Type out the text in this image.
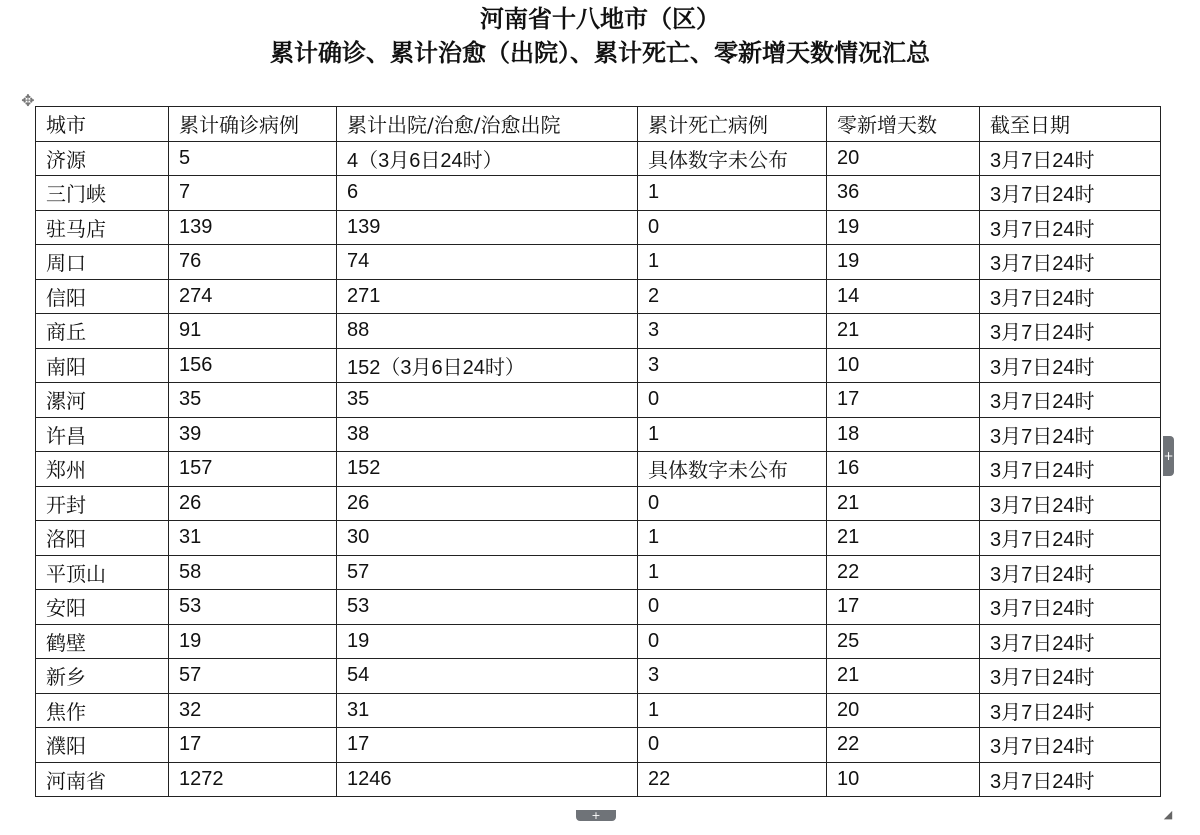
河南省十八地市（区）
累计确诊、累计治愈（出院）、累计死亡、零新增天数情况汇总
✥
城市	累计确诊病例	累计出院/治愈/治愈出院	累计死亡病例	零新增天数	截至日期
济源	5	4（3月6日24时）	具体数字未公布	20	3月7日24时
三门峡	7	6	1	36	3月7日24时
驻马店	139	139	0	19	3月7日24时
周口	76	74	1	19	3月7日24时
信阳	274	271	2	14	3月7日24时
商丘	91	88	3	21	3月7日24时
南阳	156	152（3月6日24时）	3	10	3月7日24时
漯河	35	35	0	17	3月7日24时
许昌	39	38	1	18	3月7日24时
郑州	157	152	具体数字未公布	16	3月7日24时
开封	26	26	0	21	3月7日24时
洛阳	31	30	1	21	3月7日24时
平顶山	58	57	1	22	3月7日24时
安阳	53	53	0	17	3月7日24时
鹤壁	19	19	0	25	3月7日24时
新乡	57	54	3	21	3月7日24时
焦作	32	31	1	20	3月7日24时
濮阳	17	17	0	22	3月7日24时
河南省	1272	1246	22	10	3月7日24时
+
+	◢
